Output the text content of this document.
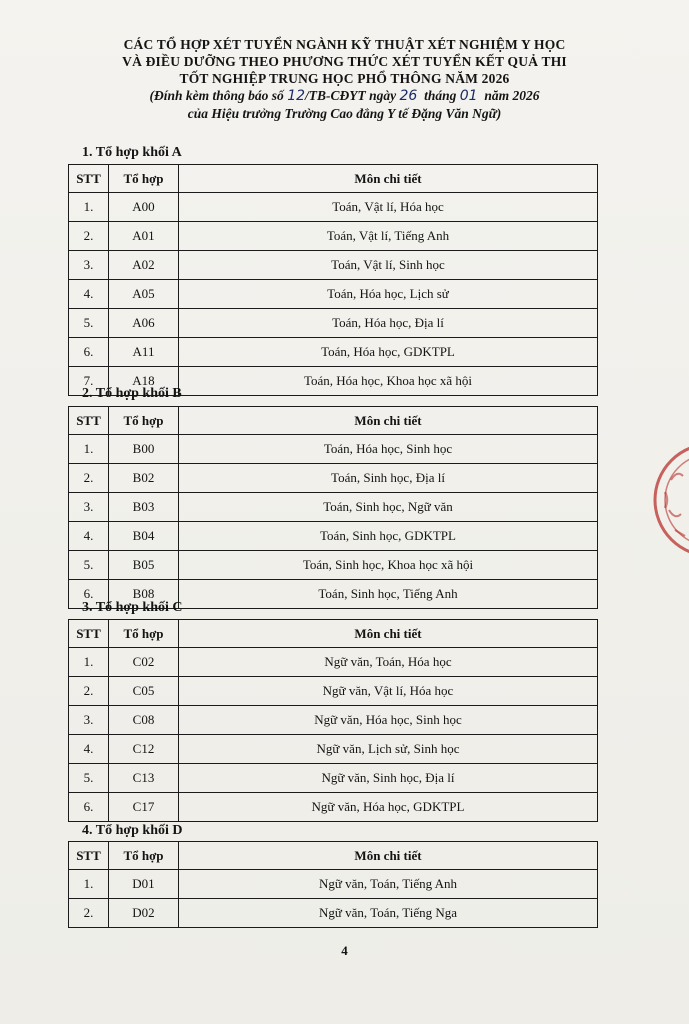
CÁC TỔ HỢP XÉT TUYỂN NGÀNH KỸ THUẬT XÉT NGHIỆM Y HỌC
VÀ ĐIỀU DƯỠNG THEO PHƯƠNG THỨC XÉT TUYỂN KẾT QUẢ THI
TỐT NGHIỆP TRUNG HỌC PHỔ THÔNG NĂM 2026
(Đính kèm thông báo số 12/TB-CĐYT ngày 26 tháng 01 năm 2026
của Hiệu trưởng Trường Cao đẳng Y tế Đặng Văn Ngữ)
1. Tổ hợp khối A
STT	Tổ hợp	Môn chi tiết
1.	A00	Toán, Vật lí, Hóa học
2.	A01	Toán, Vật lí, Tiếng Anh
3.	A02	Toán, Vật lí, Sinh học
4.	A05	Toán, Hóa học, Lịch sử
5.	A06	Toán, Hóa học, Địa lí
6.	A11	Toán, Hóa học, GDKTPL
7.	A18	Toán, Hóa học, Khoa học xã hội
2. Tổ hợp khối B
STT	Tổ hợp	Môn chi tiết
1.	B00	Toán, Hóa học, Sinh học
2.	B02	Toán, Sinh học, Địa lí
3.	B03	Toán, Sinh học, Ngữ văn
4.	B04	Toán, Sinh học, GDKTPL
5.	B05	Toán, Sinh học, Khoa học xã hội
6.	B08	Toán, Sinh học, Tiếng Anh
3. Tổ hợp khối C
STT	Tổ hợp	Môn chi tiết
1.	C02	Ngữ văn, Toán, Hóa học
2.	C05	Ngữ văn, Vật lí, Hóa học
3.	C08	Ngữ văn, Hóa học, Sinh học
4.	C12	Ngữ văn, Lịch sử, Sinh học
5.	C13	Ngữ văn, Sinh học, Địa lí
6.	C17	Ngữ văn, Hóa học, GDKTPL
4. Tổ hợp khối D
STT	Tổ hợp	Môn chi tiết
1.	D01	Ngữ văn, Toán, Tiếng Anh
2.	D02	Ngữ văn, Toán, Tiếng Nga
4
